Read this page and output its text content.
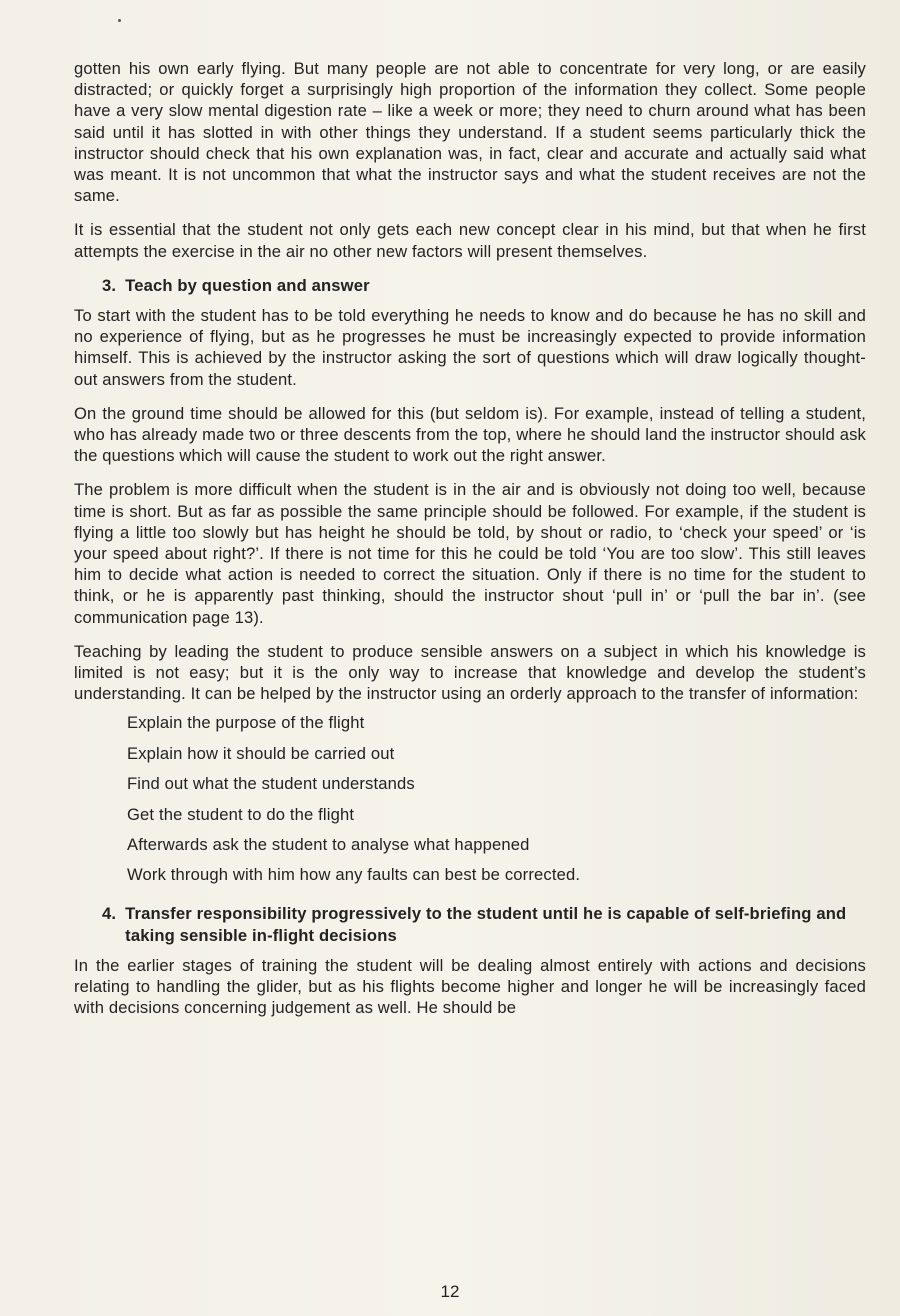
gotten his own early flying. But many people are not able to concentrate for very long, or are easily distracted; or quickly forget a surprisingly high proportion of the information they collect. Some people have a very slow mental digestion rate – like a week or more; they need to churn around what has been said until it has slotted in with other things they understand. If a student seems particularly thick the instructor should check that his own explanation was, in fact, clear and accurate and actually said what was meant. It is not uncommon that what the instructor says and what the student receives are not the same.

It is essential that the student not only gets each new concept clear in his mind, but that when he first attempts the exercise in the air no other new factors will present themselves.

3. Teach by question and answer

To start with the student has to be told everything he needs to know and do because he has no skill and no experience of flying, but as he progresses he must be increasingly expected to provide information himself. This is achieved by the instructor asking the sort of questions which will draw logically thought-out answers from the student.

On the ground time should be allowed for this (but seldom is). For example, instead of telling a student, who has already made two or three descents from the top, where he should land the instructor should ask the questions which will cause the student to work out the right answer.

The problem is more difficult when the student is in the air and is obviously not doing too well, because time is short. But as far as possible the same principle should be followed. For example, if the student is flying a little too slowly but has height he should be told, by shout or radio, to ‘check your speed’ or ‘is your speed about right?’. If there is not time for this he could be told ‘You are too slow’. This still leaves him to decide what action is needed to correct the situation. Only if there is no time for the student to think, or he is apparently past thinking, should the instructor shout ‘pull in’ or ‘pull the bar in’. (see communication page 13).

Teaching by leading the student to produce sensible answers on a subject in which his knowledge is limited is not easy; but it is the only way to increase that knowledge and develop the student’s understanding. It can be helped by the instructor using an orderly approach to the transfer of information:

Explain the purpose of the flight
Explain how it should be carried out
Find out what the student understands
Get the student to do the flight
Afterwards ask the student to analyse what happened
Work through with him how any faults can best be corrected.
4. Transfer responsibility progressively to the student until he is capable of self-briefing and taking sensible in-flight decisions

In the earlier stages of training the student will be dealing almost entirely with actions and decisions relating to handling the glider, but as his flights become higher and longer he will be increasingly faced with decisions concerning judgement as well. He should be

12
